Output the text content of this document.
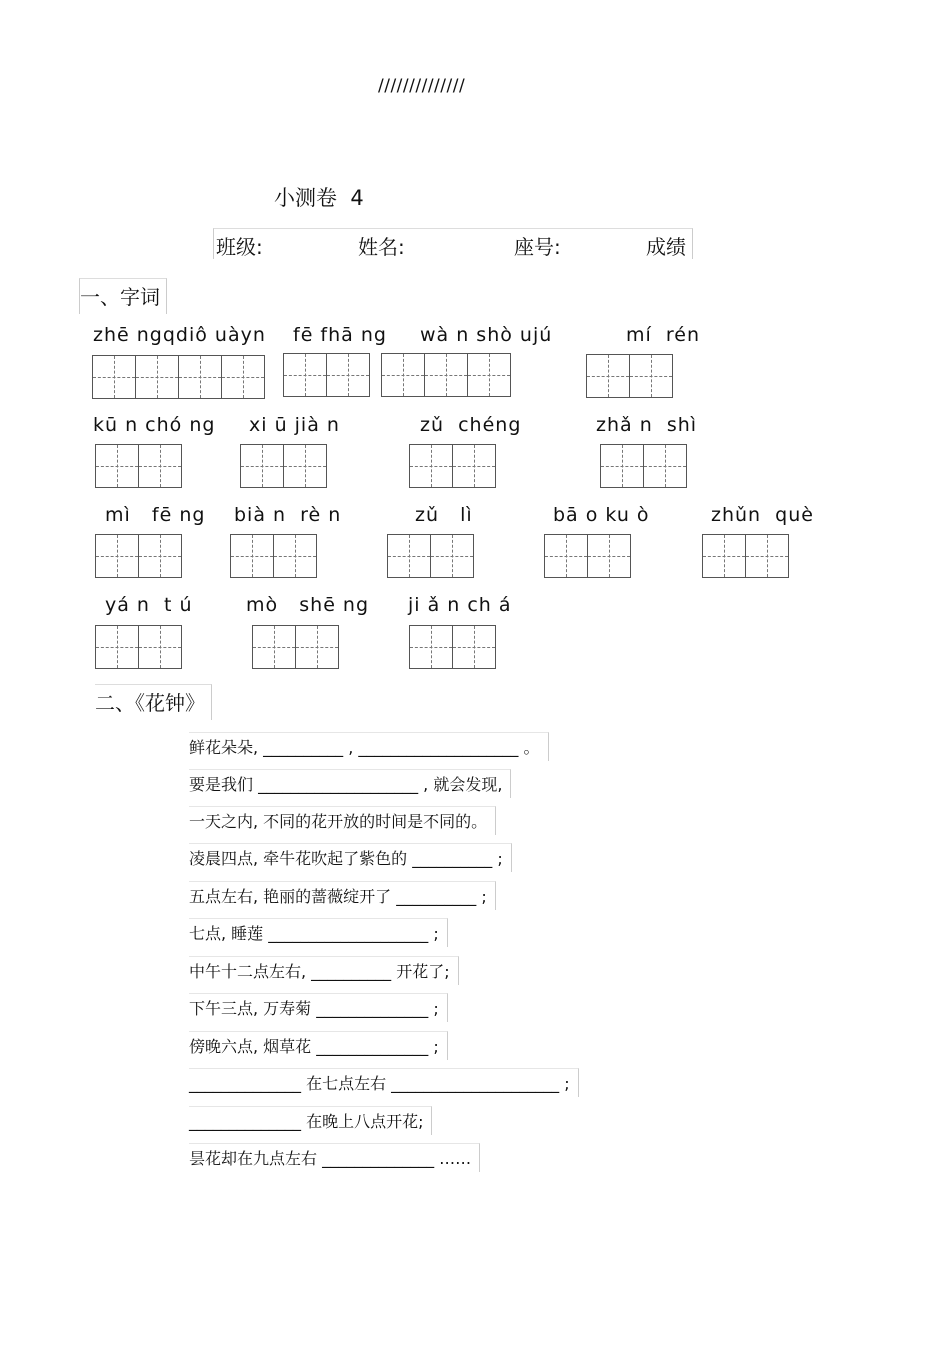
//////////////
小测卷  4

班级:

	姓名:

	座号:

	成绩

一、字词
zhē ngqdiô uàyn fē fhā ng wà n shò ujú	mí  rén
kū n chó ng xi ū jià n	zǔ  chéng	zhǎ n  shì
mì   fē ng bià n  rè n	zǔ   lì	bā o ku ò	zhǔn  què
yá n  t ú	mò   shē ng ji ǎ n ch á
二、《花钟》
鲜花朵朵, __________ , ____________________ 。
要是我们 ____________________ , 就会发现,
一天之内, 不同的花开放的时间是不同的。
凌晨四点, 牵牛花吹起了紫色的 __________ ;
五点左右, 艳丽的蔷薇绽开了 __________ ;
七点, 睡莲 ____________________ ;
中午十二点左右, __________ 开花了;
下午三点, 万寿菊 ______________ ;
傍晚六点, 烟草花 ______________ ;
______________ 在七点左右 _____________________ ;
______________ 在晚上八点开花;
昙花却在九点左右 ______________ ……
